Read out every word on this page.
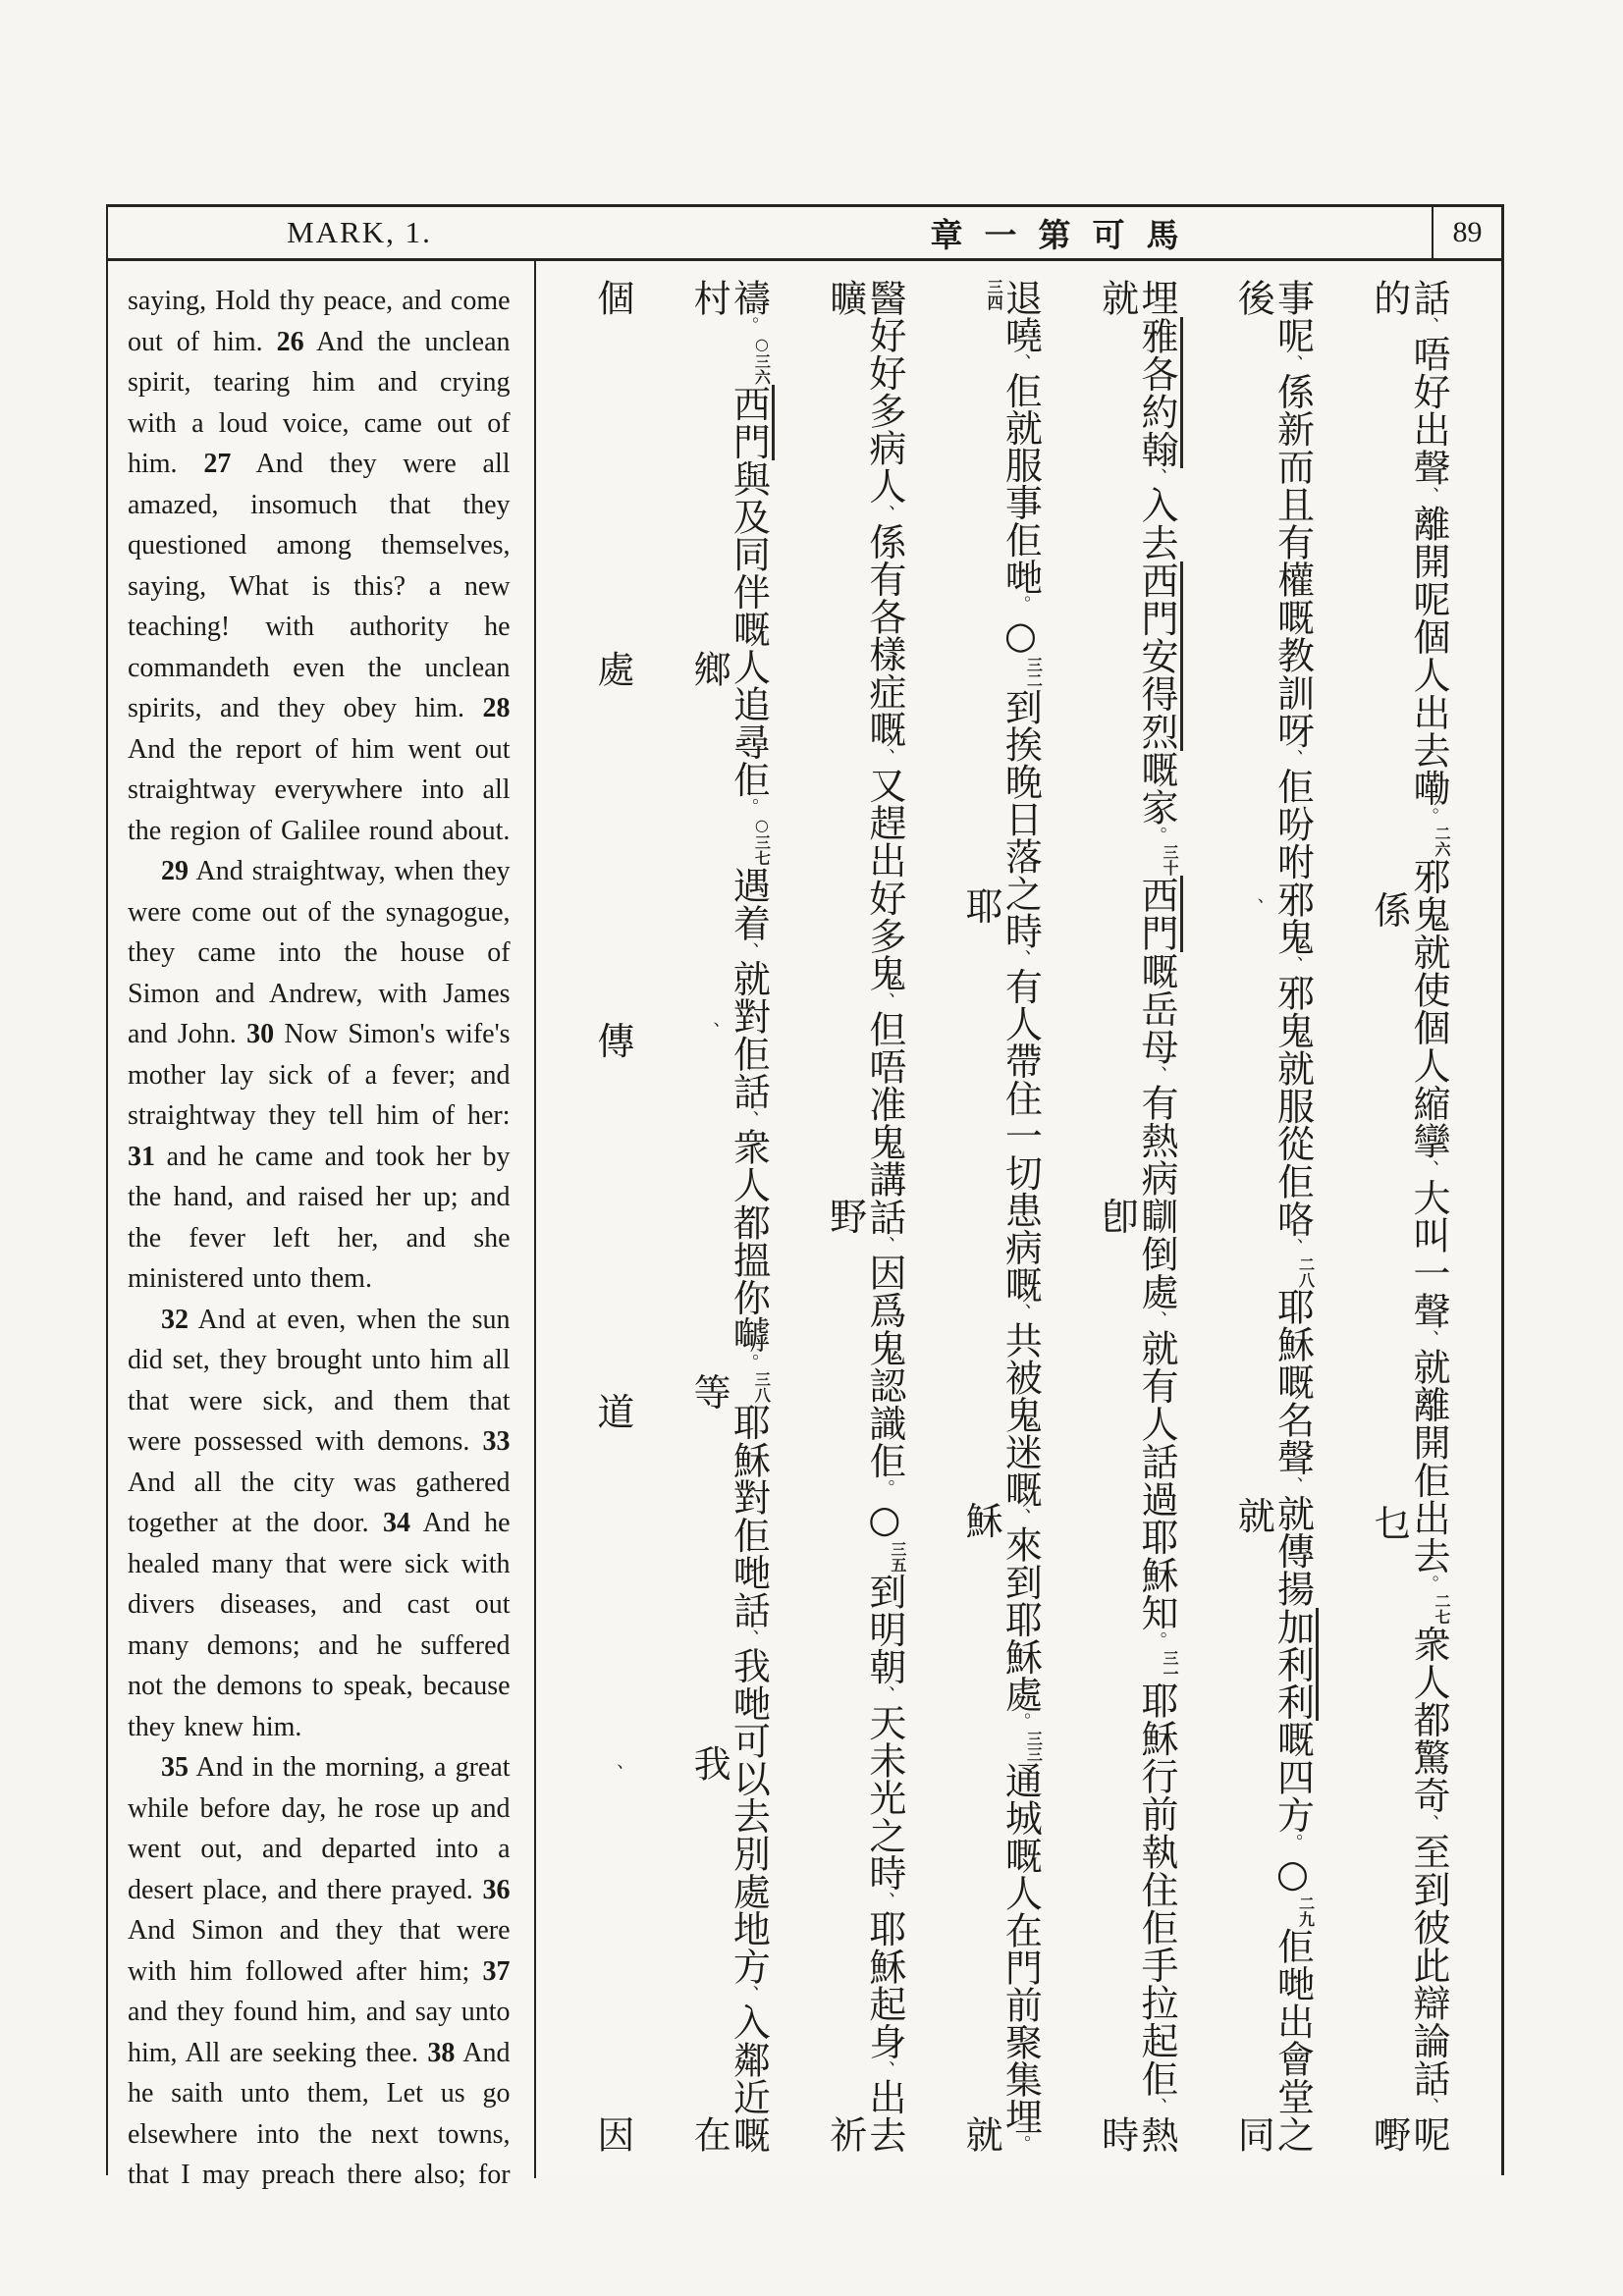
MARK, 1.	章一第可馬	89

saying, Hold thy peace, and come out of him. 26 And the unclean spirit, tearing him and crying with a loud voice, came out of him. 27 And they were all amazed, insomuch that they questioned among themselves, saying, What is this? a new teaching! with authority he commandeth even the unclean spirits, and they obey him. 28 And the report of him went out straightway everywhere into all the region of Galilee round about.

29 And straightway, when they were come out of the synagogue, they came into the house of Simon and Andrew, with James and John. 30 Now Simon's wife's mother lay sick of a fever; and straightway they tell him of her: 31 and he came and took her by the hand, and raised her up; and the fever left her, and she ministered unto them.

32 And at even, when the sun did set, they brought unto him all that were sick, and them that were possessed with demons. 33 And all the city was gathered together at the door. 34 And he healed many that were sick with divers diseases, and cast out many demons; and he suffered not the demons to speak, because they knew him.

35 And in the morning, a great while before day, he rose up and went out, and departed into a desert place, and there prayed. 36 And Simon and they that were with him followed after him; 37 and they found him, and say unto him, All are seeking thee. 38 And he saith unto them, Let us go elsewhere into the next towns, that I may preach there also; for

話、唔好出聲、離開呢個人出去嘞。二六邪鬼就使個人縮攣、大叫一聲、就離開佢出去。二七衆人都驚奇、至到彼此辯論話、呢的係乜嘢
事呢、係新而且有權嘅教訓呀、佢吩咐邪鬼、邪鬼就服從佢咯、二八耶穌嘅名聲、就傳揚加利利嘅四方。○二九佢哋出會堂之後、就同
埋雅各約翰、入去西門安得烈嘅家。三十西門嘅岳母、有熱病瞓倒處、就有人話過耶穌知。三一耶穌行前執住佢手拉起佢、熱就卽時
退嘵、佢就服事佢哋。○三二到挨晚日落之時、有人帶住一切患病嘅、共被鬼迷嘅、來到耶穌處。三三通城嘅人在門前聚集埋。三四耶穌就
醫好好多病人、係有各樣症嘅、又趕出好多鬼、但唔准鬼講話、因爲鬼認識佢。○三五到明朝、天未光之時、耶穌起身、出去曠野祈
禱。○三六西門與及同伴嘅人追尋佢。○三七遇着、就對佢話、衆人都搵你嚹。三八耶穌對佢哋話、我哋可以去別處地方、入鄰近嘅村鄉、等我在
個處傳道、因
